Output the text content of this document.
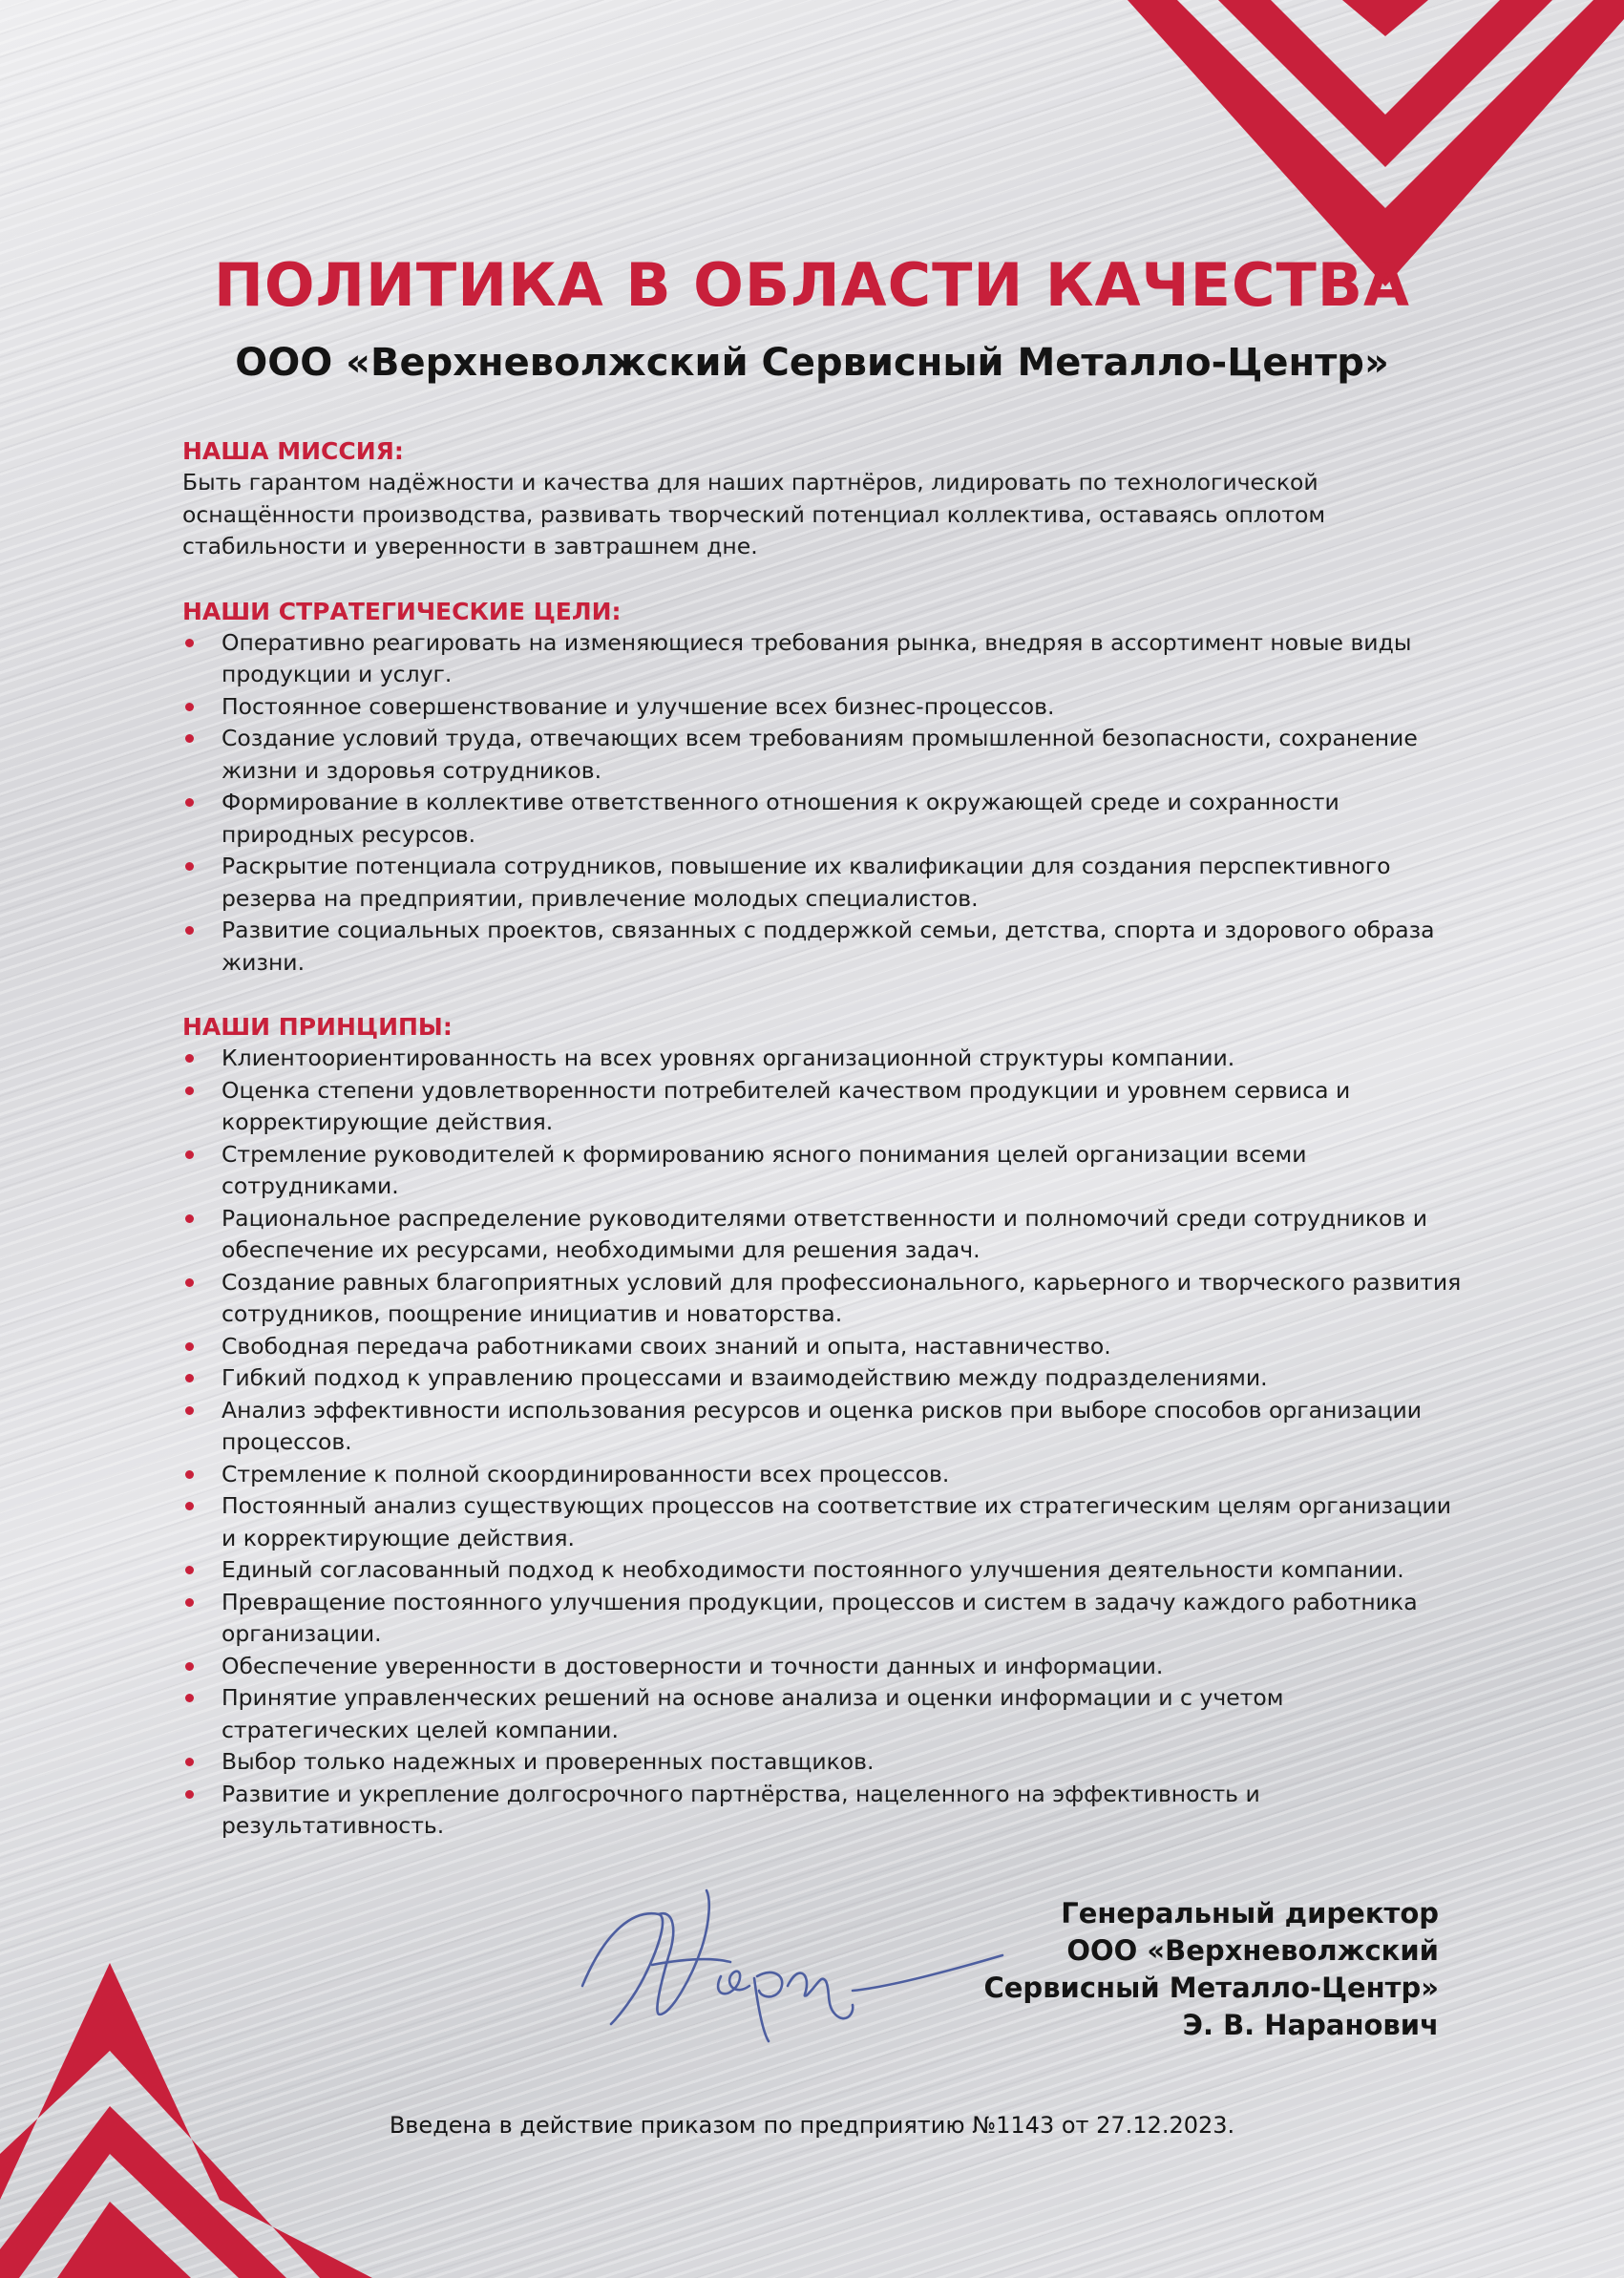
ПОЛИТИКА В ОБЛАСТИ КАЧЕСТВА
ООО «Верхневолжский Сервисный Металло-Центр»

НАША МИССИЯ:

Быть гарантом надёжности и качества для наших партнёров, лидировать по технологической оснащённости производства, развивать творческий потенциал коллектива, оставаясь оплотом стабильности и уверенности в завтрашнем дне.

НАШИ СТРАТЕГИЧЕСКИЕ ЦЕЛИ:

Оперативно реагировать на изменяющиеся требования рынка, внедряя в ассортимент новые виды продукции и услуг.
Постоянное совершенствование и улучшение всех бизнес-процессов.
Создание условий труда, отвечающих всем требованиям промышленной безопасности, сохранение жизни и здоровья сотрудников.
Формирование в коллективе ответственного отношения к окружающей среде и сохранности природных ресурсов.
Раскрытие потенциала сотрудников, повышение их квалификации для создания перспективного резерва на предприятии, привлечение молодых специалистов.
Развитие социальных проектов, связанных с поддержкой семьи, детства, спорта и здорового образа жизни.

НАШИ ПРИНЦИПЫ:

Клиентоориентированность на всех уровнях организационной структуры компании.
Оценка степени удовлетворенности потребителей качеством продукции и уровнем сервиса и корректирующие действия.
Стремление руководителей к формированию ясного понимания целей организации всеми сотрудниками.
Рациональное распределение руководителями ответственности и полномочий среди сотрудников и обеспечение их ресурсами, необходимыми для решения задач.
Создание равных благоприятных условий для профессионального, карьерного и творческого развития сотрудников, поощрение инициатив и новаторства.
Свободная передача работниками своих знаний и опыта, наставничество.
Гибкий подход к управлению процессами и взаимодействию между подразделениями.
Анализ эффективности использования ресурсов и оценка рисков при выборе способов организации процессов.
Стремление к полной скоординированности всех процессов.
Постоянный анализ существующих процессов на соответствие их стратегическим целям организации и корректирующие действия.
Единый согласованный подход к необходимости постоянного улучшения деятельности компании.
Превращение постоянного улучшения продукции, процессов и систем в задачу каждого работника организации.
Обеспечение уверенности в достоверности и точности данных и информации.
Принятие управленческих решений на основе анализа и оценки информации и с учетом стратегических целей компании.
Выбор только надежных и проверенных поставщиков.
Развитие и укрепление долгосрочного партнёрства, нацеленного на эффективность и результативность.
Генеральный директор
ООО «Верхневолжский
Сервисный Металло-Центр»
Э. В. Наранович
Введена в действие приказом по предприятию №1143 от 27.12.2023.
